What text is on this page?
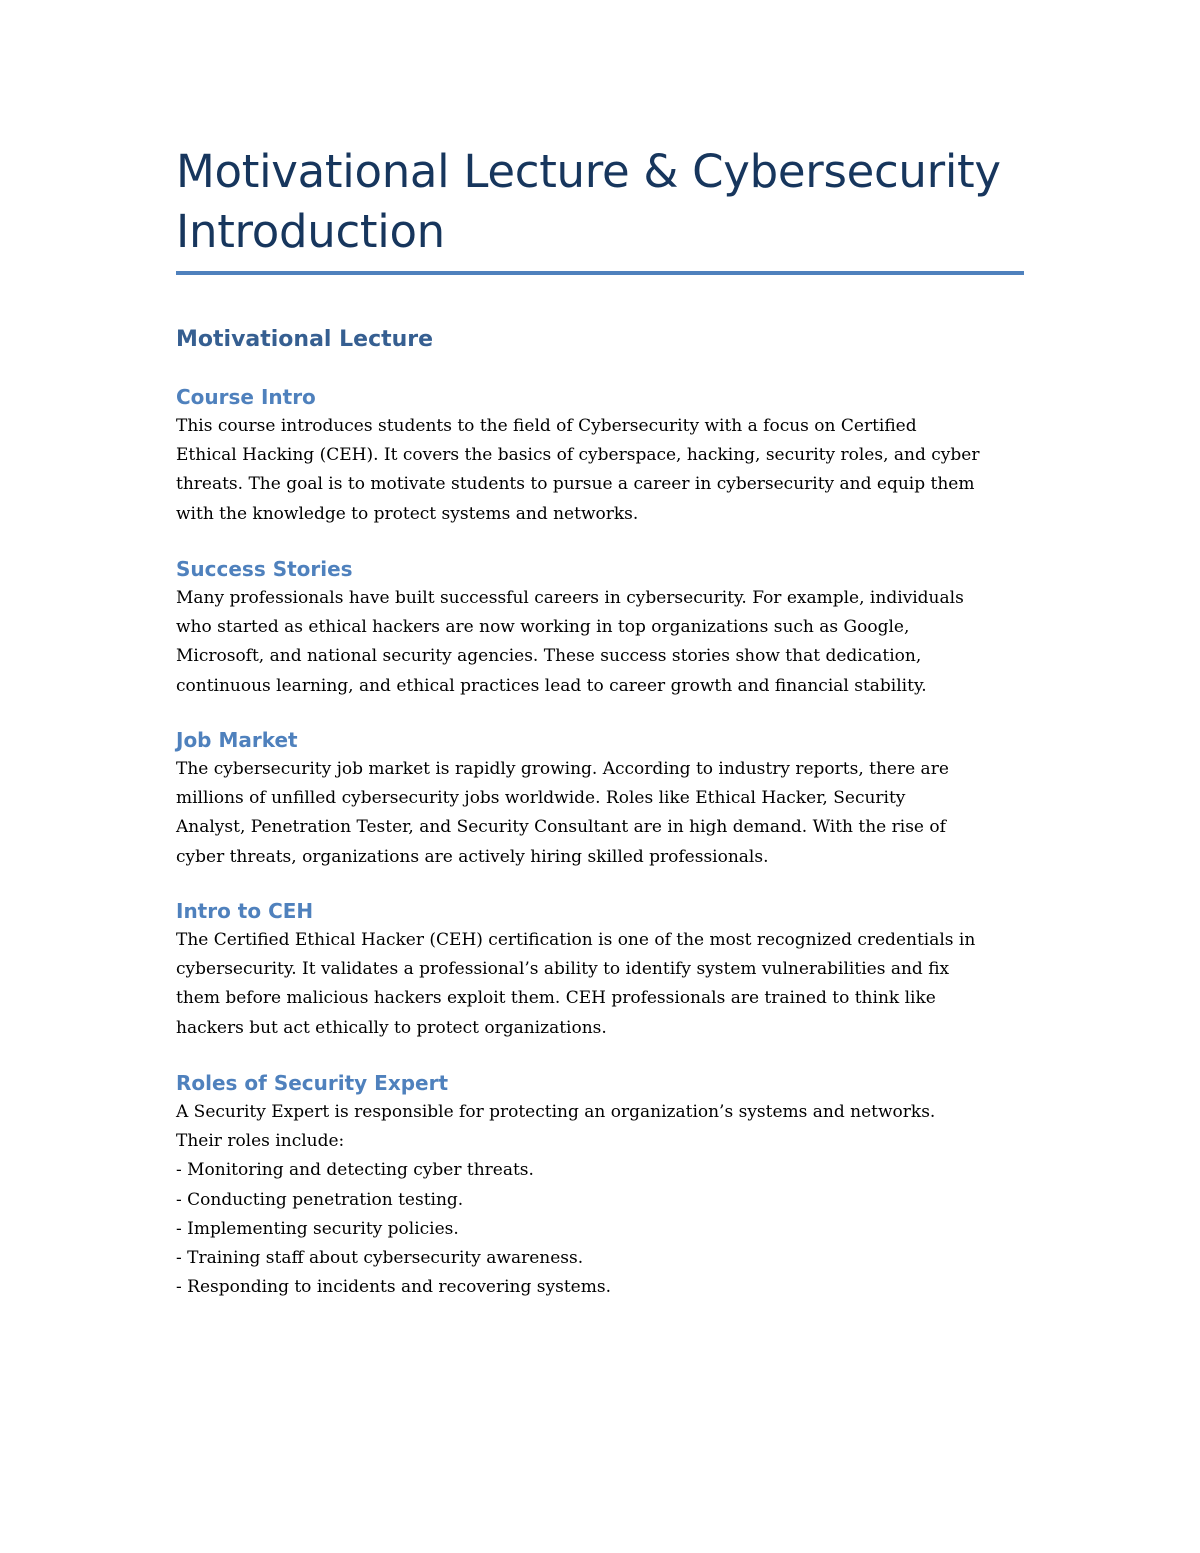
Motivational Lecture & Cybersecurity Introduction
Motivational Lecture
Course Intro

This course introduces students to the field of Cybersecurity with a focus on Certified
Ethical Hacking (CEH). It covers the basics of cyberspace, hacking, security roles, and cyber
threats. The goal is to motivate students to pursue a career in cybersecurity and equip them
with the knowledge to protect systems and networks.

Success Stories

Many professionals have built successful careers in cybersecurity. For example, individuals
who started as ethical hackers are now working in top organizations such as Google,
Microsoft, and national security agencies. These success stories show that dedication,
continuous learning, and ethical practices lead to career growth and financial stability.

Job Market

The cybersecurity job market is rapidly growing. According to industry reports, there are
millions of unfilled cybersecurity jobs worldwide. Roles like Ethical Hacker, Security
Analyst, Penetration Tester, and Security Consultant are in high demand. With the rise of
cyber threats, organizations are actively hiring skilled professionals.

Intro to CEH

The Certified Ethical Hacker (CEH) certification is one of the most recognized credentials in
cybersecurity. It validates a professional’s ability to identify system vulnerabilities and fix
them before malicious hackers exploit them. CEH professionals are trained to think like
hackers but act ethically to protect organizations.

Roles of Security Expert

A Security Expert is responsible for protecting an organization’s systems and networks.
Their roles include:
- Monitoring and detecting cyber threats.
- Conducting penetration testing.
- Implementing security policies.
- Training staff about cybersecurity awareness.
- Responding to incidents and recovering systems.
